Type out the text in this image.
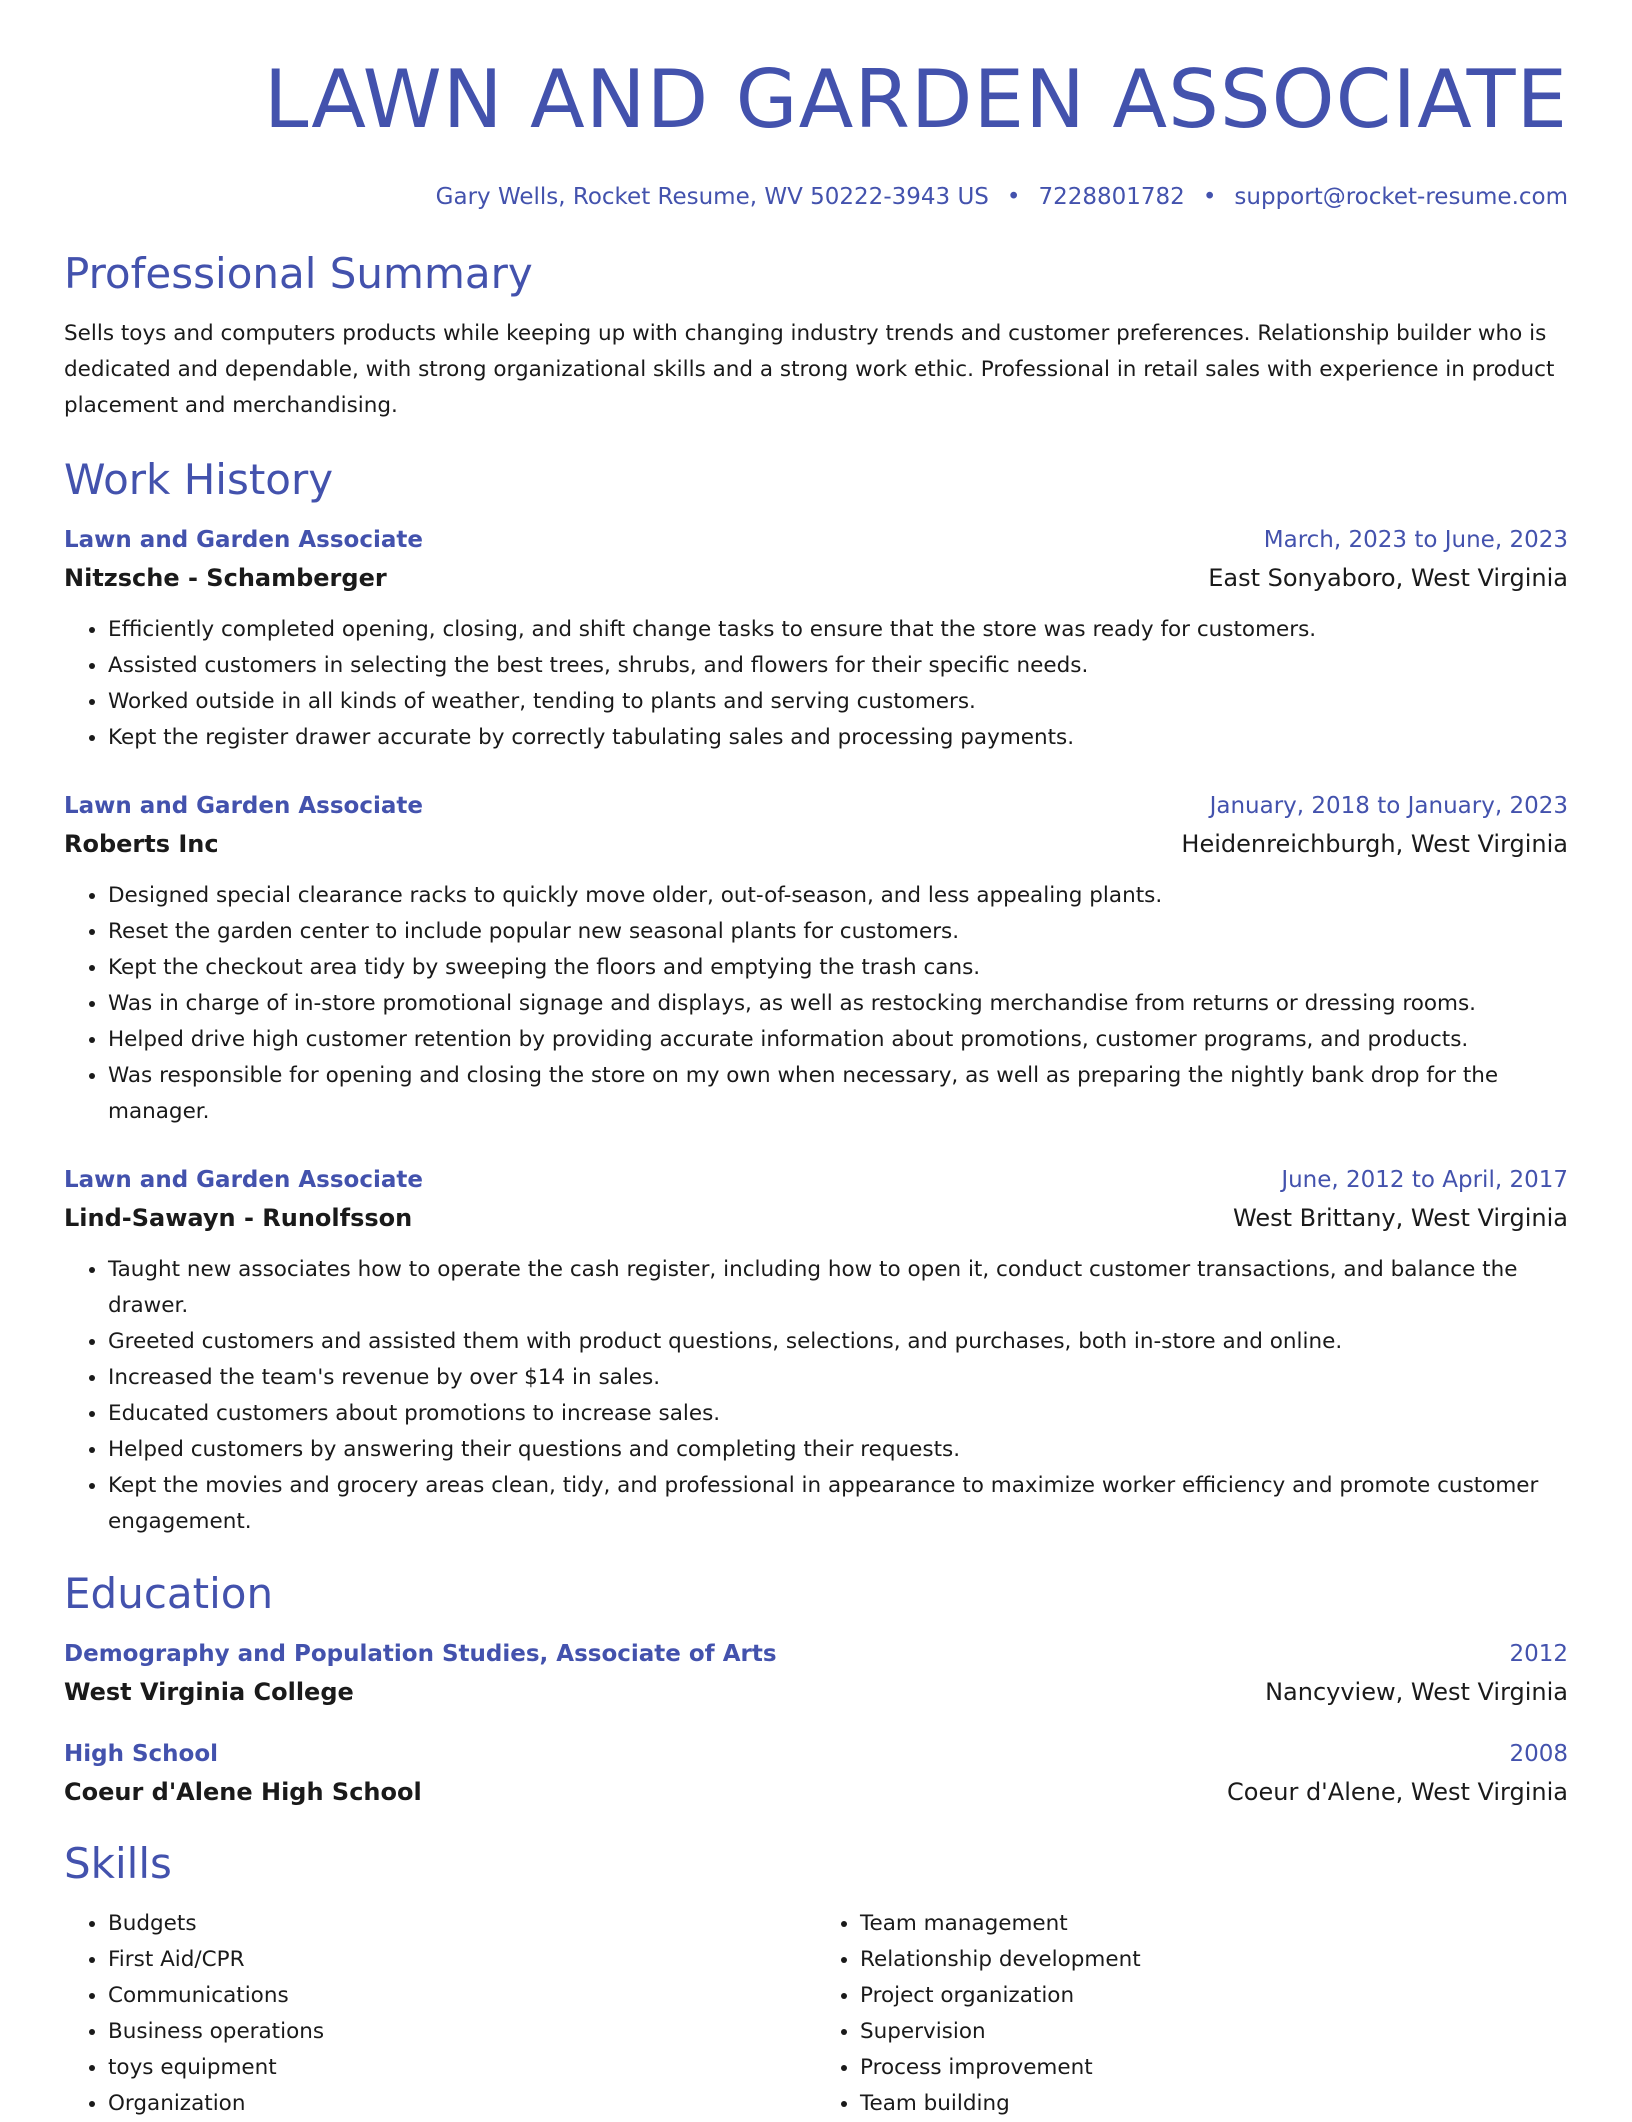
LAWN AND GARDEN ASSOCIATE
Gary Wells, Rocket Resume, WV 50222-3943 US • 7228801782 • support@rocket-resume.com
Professional Summary
Sells toys and computers products while keeping up with changing industry trends and customer preferences. Relationship builder who is dedicated and dependable, with strong organizational skills and a strong work ethic. Professional in retail sales with experience in product placement and merchandising.
Work History
Lawn and Garden Associate	March, 2023 to June, 2023
Nitzsche - Schamberger	East Sonyaboro, West Virginia
• Efficiently completed opening, closing, and shift change tasks to ensure that the store was ready for customers.
• Assisted customers in selecting the best trees, shrubs, and flowers for their specific needs.
• Worked outside in all kinds of weather, tending to plants and serving customers.
• Kept the register drawer accurate by correctly tabulating sales and processing payments.
Lawn and Garden Associate	January, 2018 to January, 2023
Roberts Inc	Heidenreichburgh, West Virginia
• Designed special clearance racks to quickly move older, out-of-season, and less appealing plants.
• Reset the garden center to include popular new seasonal plants for customers.
• Kept the checkout area tidy by sweeping the floors and emptying the trash cans.
• Was in charge of in-store promotional signage and displays, as well as restocking merchandise from returns or dressing rooms.
• Helped drive high customer retention by providing accurate information about promotions, customer programs, and products.
• Was responsible for opening and closing the store on my own when necessary, as well as preparing the nightly bank drop for the manager.
Lawn and Garden Associate	June, 2012 to April, 2017
Lind-Sawayn - Runolfsson	West Brittany, West Virginia
• Taught new associates how to operate the cash register, including how to open it, conduct customer transactions, and balance the drawer.
• Greeted customers and assisted them with product questions, selections, and purchases, both in-store and online.
• Increased the team's revenue by over $14 in sales.
• Educated customers about promotions to increase sales.
• Helped customers by answering their questions and completing their requests.
• Kept the movies and grocery areas clean, tidy, and professional in appearance to maximize worker efficiency and promote customer engagement.
Education
Demography and Population Studies, Associate of Arts	2012
West Virginia College	Nancyview, West Virginia
High School	2008
Coeur d'Alene High School	Coeur d'Alene, West Virginia
Skills
• Budgets
• First Aid/CPR
• Communications
• Business operations
• toys equipment
• Organization
• Team management
• Relationship development
• Project organization
• Supervision
• Process improvement
• Team building
